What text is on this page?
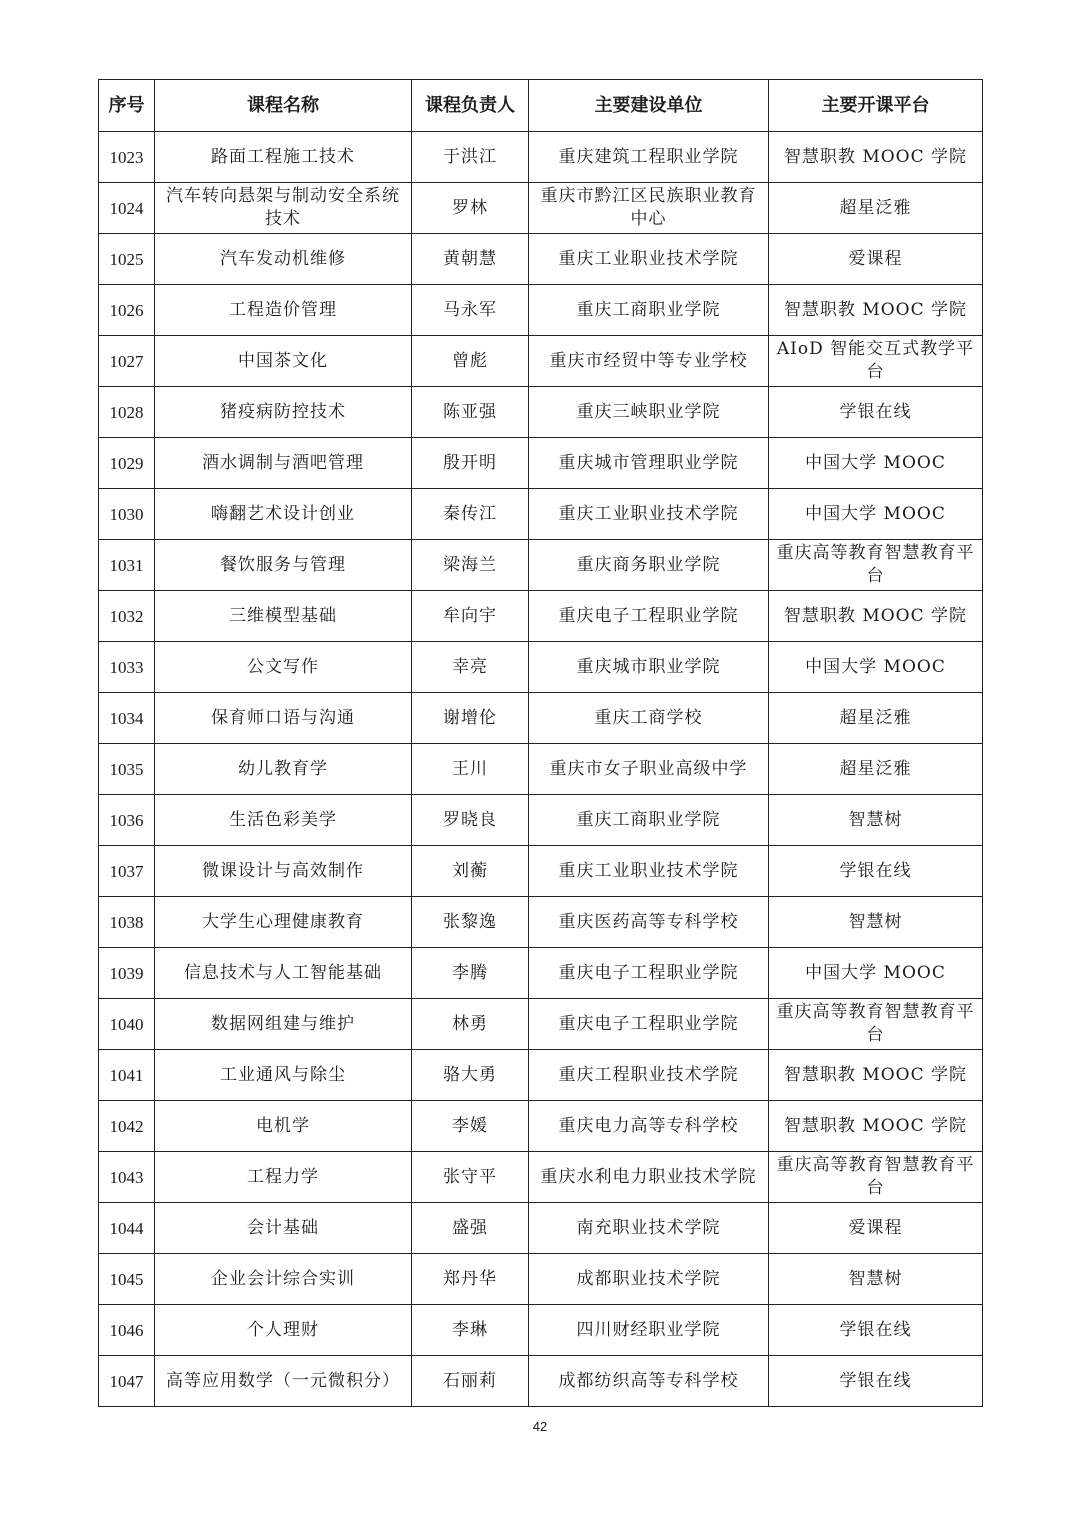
序号	课程名称	课程负责人	主要建设单位	主要开课平台
1023	路面工程施工技术	于洪江	重庆建筑工程职业学院	智慧职教 MOOC 学院
1024	汽车转向悬架与制动安全系统技术	罗林	重庆市黔江区民族职业教育中心	超星泛雅
1025	汽车发动机维修	黄朝慧	重庆工业职业技术学院	爱课程
1026	工程造价管理	马永军	重庆工商职业学院	智慧职教 MOOC 学院
1027	中国茶文化	曾彪	重庆市经贸中等专业学校	AIoD 智能交互式教学平台
1028	猪疫病防控技术	陈亚强	重庆三峡职业学院	学银在线
1029	酒水调制与酒吧管理	殷开明	重庆城市管理职业学院	中国大学 MOOC
1030	嗨翻艺术设计创业	秦传江	重庆工业职业技术学院	中国大学 MOOC
1031	餐饮服务与管理	梁海兰	重庆商务职业学院	重庆高等教育智慧教育平台
1032	三维模型基础	牟向宇	重庆电子工程职业学院	智慧职教 MOOC 学院
1033	公文写作	幸亮	重庆城市职业学院	中国大学 MOOC
1034	保育师口语与沟通	谢增伦	重庆工商学校	超星泛雅
1035	幼儿教育学	王川	重庆市女子职业高级中学	超星泛雅
1036	生活色彩美学	罗晓良	重庆工商职业学院	智慧树
1037	微课设计与高效制作	刘蘅	重庆工业职业技术学院	学银在线
1038	大学生心理健康教育	张黎逸	重庆医药高等专科学校	智慧树
1039	信息技术与人工智能基础	李腾	重庆电子工程职业学院	中国大学 MOOC
1040	数据网组建与维护	林勇	重庆电子工程职业学院	重庆高等教育智慧教育平台
1041	工业通风与除尘	骆大勇	重庆工程职业技术学院	智慧职教 MOOC 学院
1042	电机学	李媛	重庆电力高等专科学校	智慧职教 MOOC 学院
1043	工程力学	张守平	重庆水利电力职业技术学院	重庆高等教育智慧教育平台
1044	会计基础	盛强	南充职业技术学院	爱课程
1045	企业会计综合实训	郑丹华	成都职业技术学院	智慧树
1046	个人理财	李琳	四川财经职业学院	学银在线
1047	高等应用数学（一元微积分）	石丽莉	成都纺织高等专科学校	学银在线
42
